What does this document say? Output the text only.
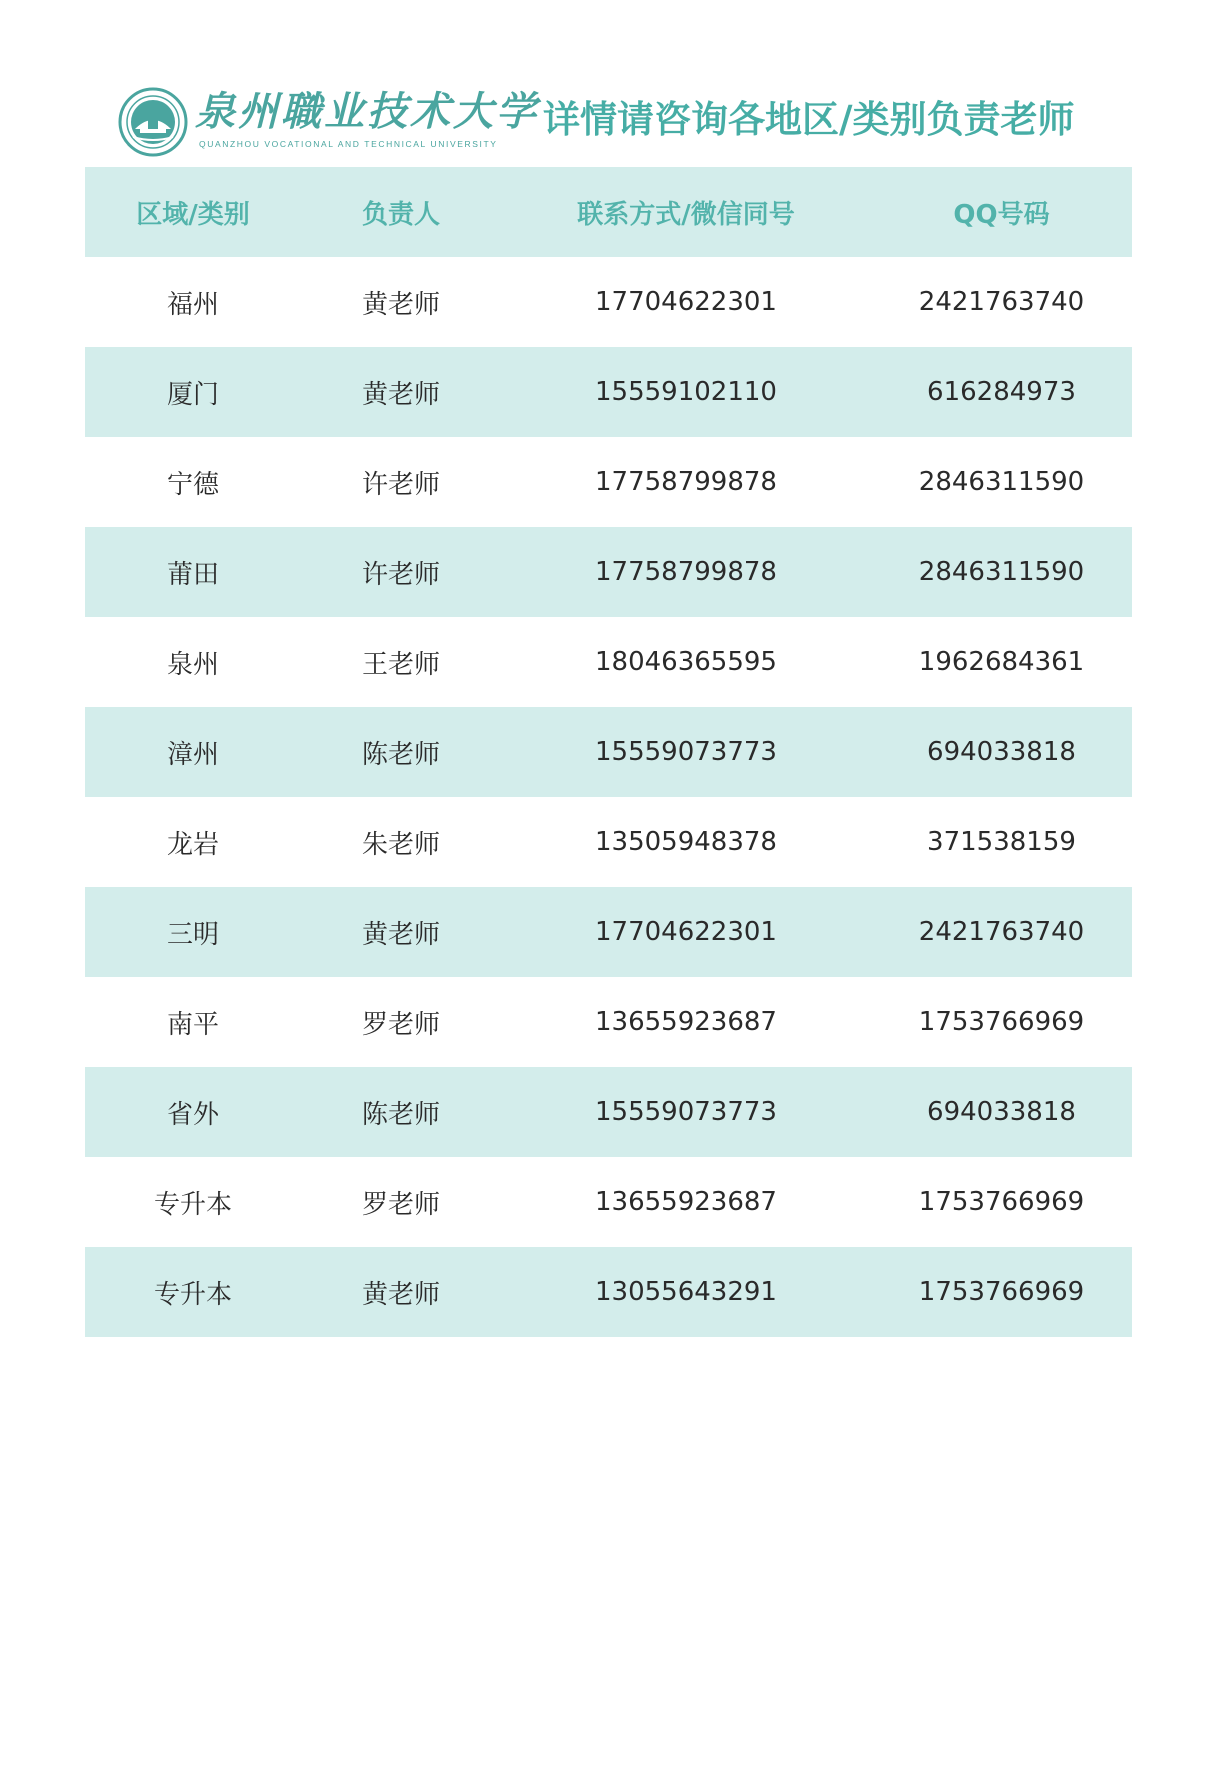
泉州職业技术大学
QUANZHOU VOCATIONAL AND TECHNICAL UNIVERSITY
详情请咨询各地区/类别负责老师
区域/类别	负责人	联系方式/微信同号	QQ号码
福州	黄老师	17704622301	2421763740
厦门	黄老师	15559102110	616284973
宁德	许老师	17758799878	2846311590
莆田	许老师	17758799878	2846311590
泉州	王老师	18046365595	1962684361
漳州	陈老师	15559073773	694033818
龙岩	朱老师	13505948378	371538159
三明	黄老师	17704622301	2421763740
南平	罗老师	13655923687	1753766969
省外	陈老师	15559073773	694033818
专升本	罗老师	13655923687	1753766969
专升本	黄老师	13055643291	1753766969
